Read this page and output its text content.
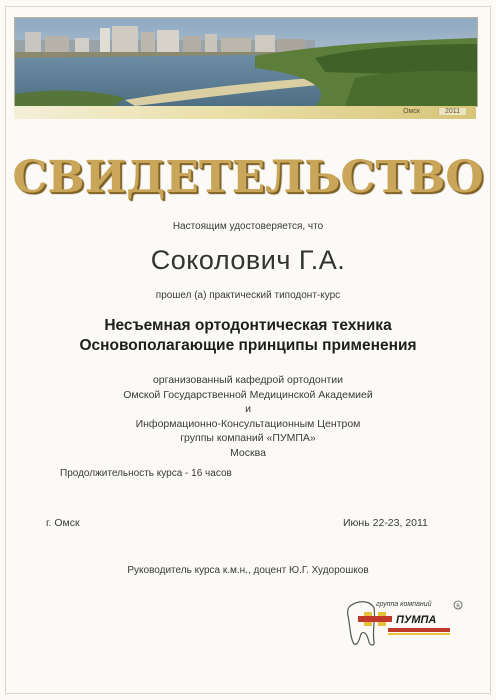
Омск	2011
СВИДЕТЕЛЬСТВО
Настоящим удостоверяется, что
Соколович Г.А.
прошел (а) практический типодонт-курс
Несъемная ортодонтическая техника
Основополагающие принципы применения
организованный кафедрой ортодонтии
Омской Государственной Медицинской Академией
и
Информационно-Консультационным Центром
группы компаний «ПУМПА»
Москва
Продолжительность курса - 16 часов
г. Омск	Июнь 22-23, 2011
Руководитель курса к.м.н., доцент Ю.Г. Худорошков
R
группа компаний
ПУМПА
